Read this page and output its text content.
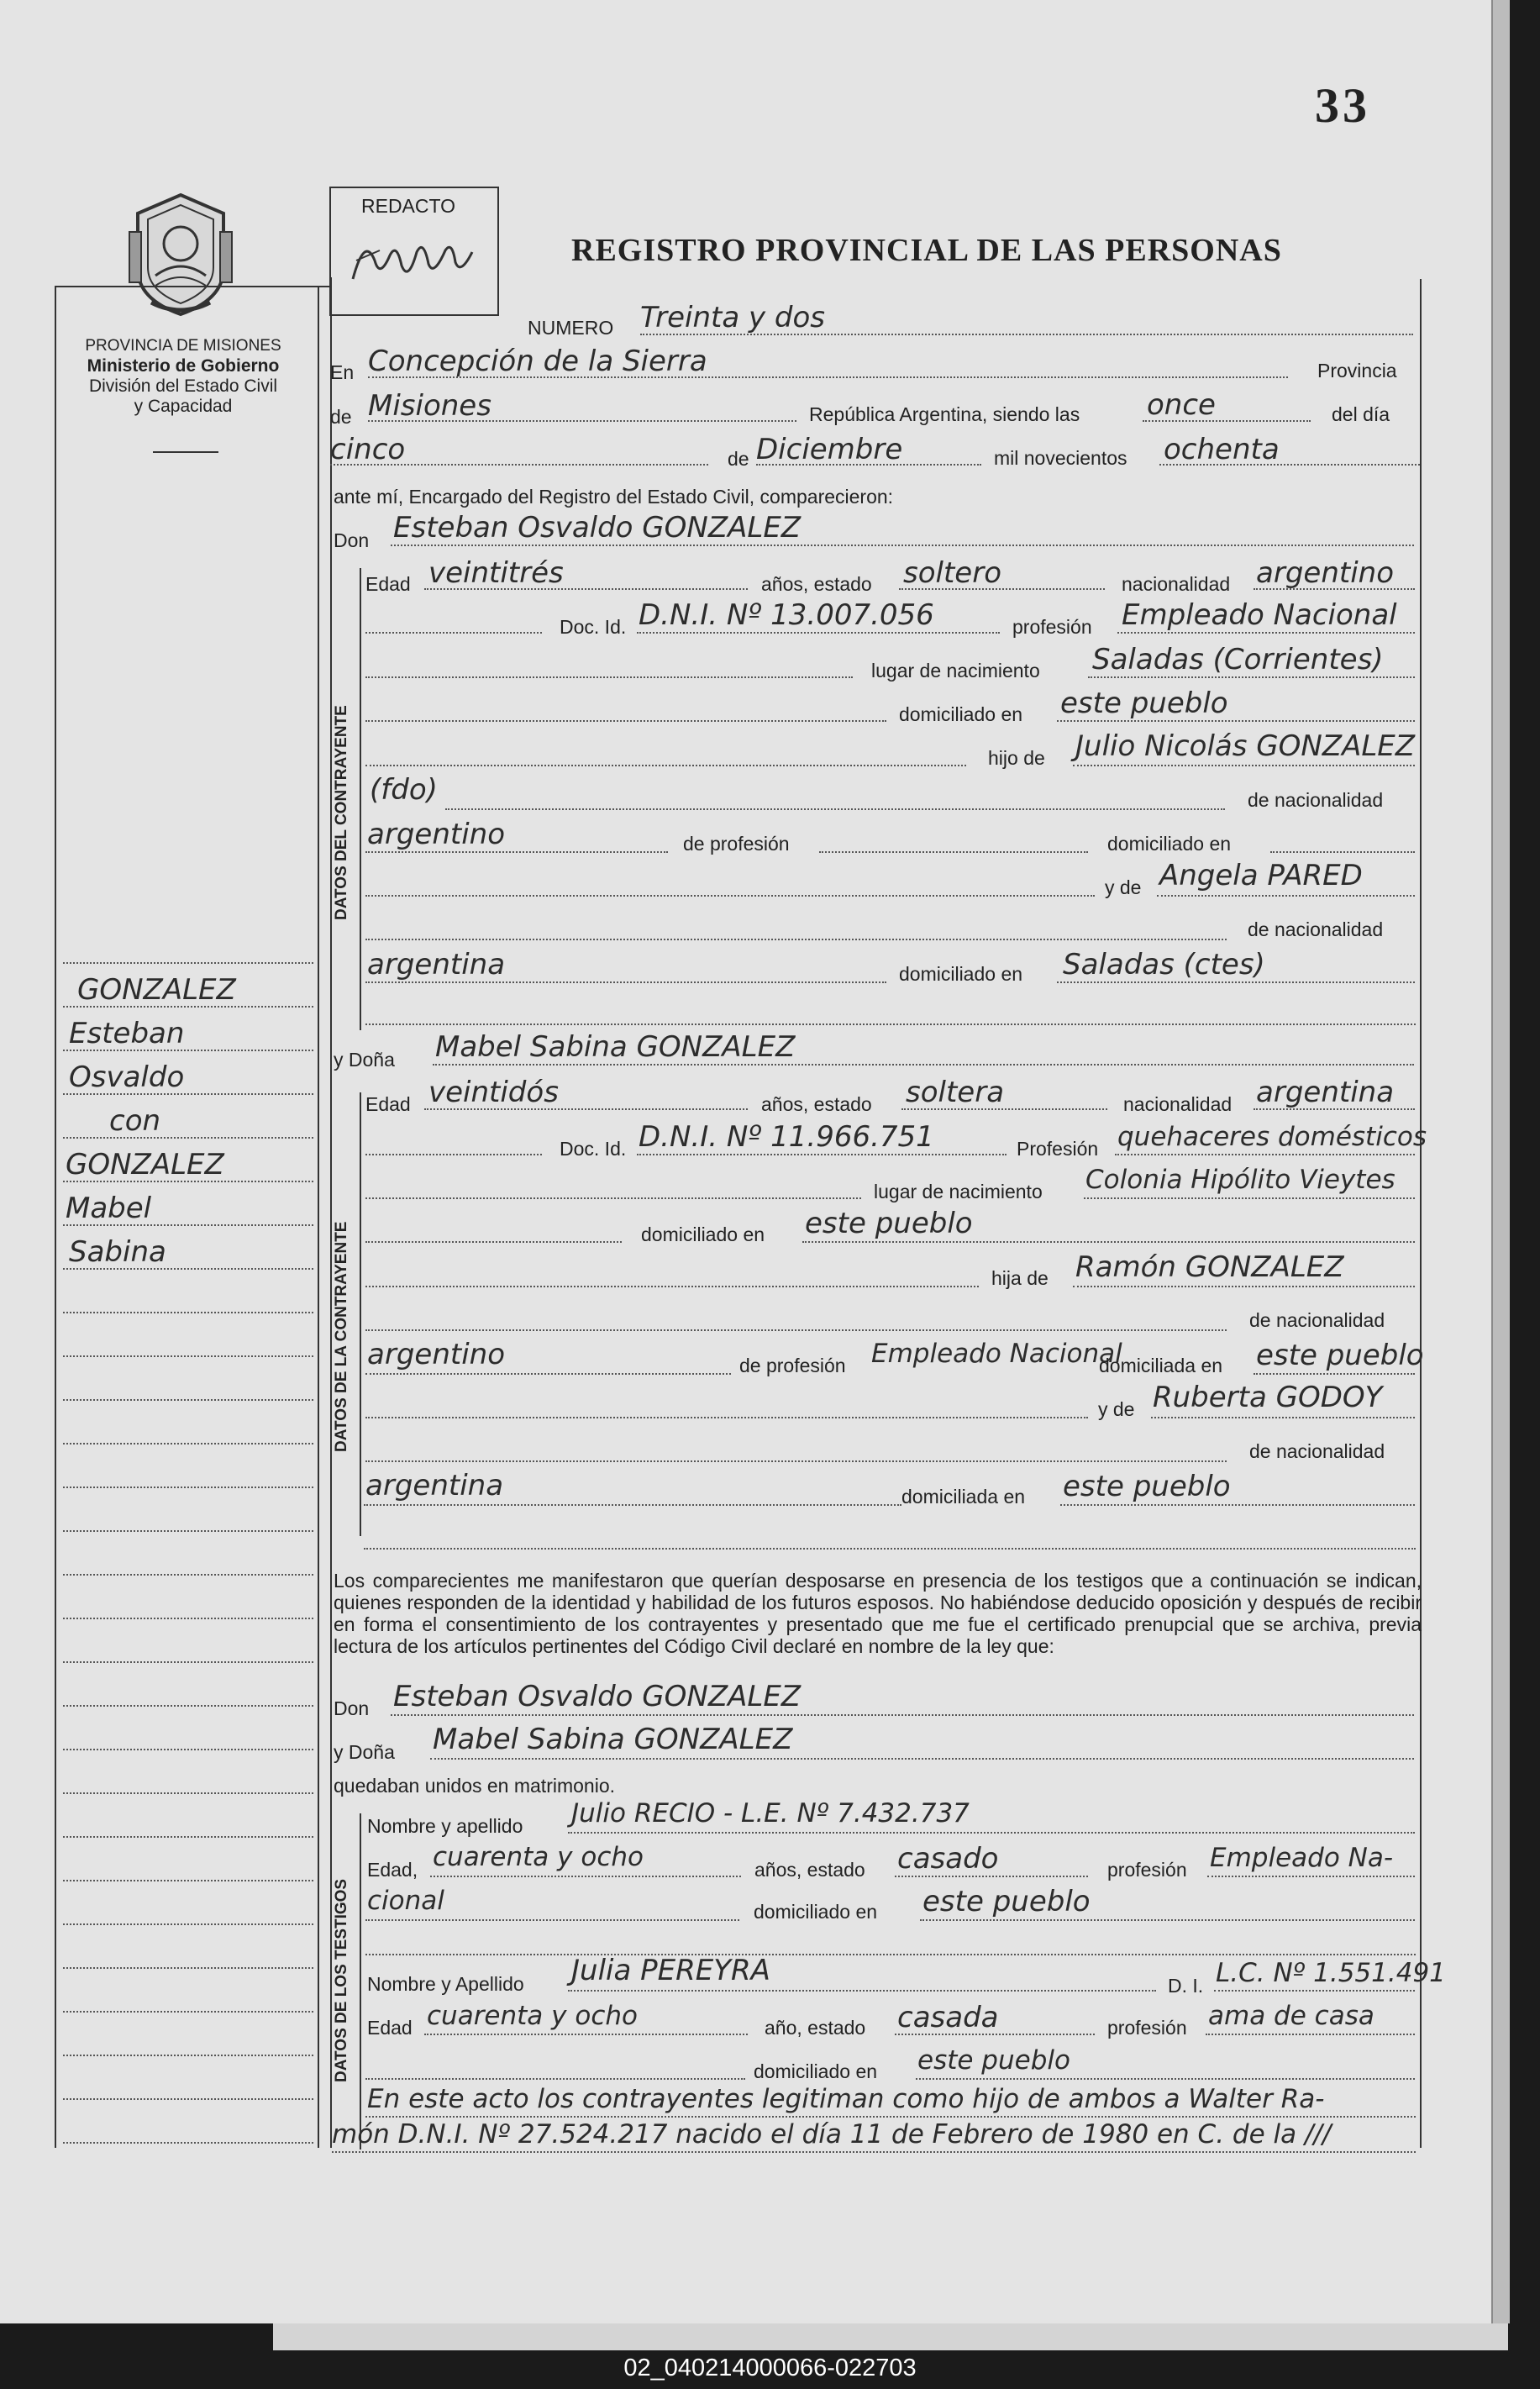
33
PROVINCIA DE MISIONES
Ministerio de Gobierno
División del Estado Civil
y Capacidad
REDACTO
REGISTRO PROVINCIAL DE LAS PERSONAS
DATOS DEL CONTRAYENTE
DATOS DE LA CONTRAYENTE
DATOS DE LOS TESTIGOS
GONZALEZ
Esteban
Osvaldo
con
GONZALEZ
Mabel
Sabina
NUMERO Treinta y dos
En Concepción de la Sierra	Provincia
de Misiones	República Argentina, siendo las once	del día
cinco	de Diciembre	mil novecientos ochenta
ante mí, Encargado del Registro del Estado Civil, comparecieron:
Don Esteban Osvaldo GONZALEZ
Edad veintitrés	años, estado soltero	nacionalidad argentino
Doc. Id. D.N.I. Nº 13.007.056	profesión Empleado Nacional
lugar de nacimiento Saladas (Corrientes)
domiciliado en este pueblo
hijo de Julio Nicolás GONZALEZ
(fdo)	de nacionalidad
argentino	de profesión	domiciliado en
y de Angela PARED
de nacionalidad
argentina	domiciliado en Saladas (ctes)
y Doña Mabel Sabina GONZALEZ
Edad veintidós	años, estado soltera	nacionalidad argentina
Doc. Id. D.N.I. Nº 11.966.751	Profesión quehaceres domésticos
lugar de nacimiento Colonia Hipólito Vieytes
domiciliado en este pueblo
hija de Ramón GONZALEZ
de nacionalidad
argentino	de profesión Empleado Nacional
domiciliada en este pueblo
y de Ruberta GODOY
de nacionalidad
argentina	domiciliada en este pueblo
Los comparecientes me manifestaron que querían desposarse en presencia de los testigos que a continuación se indican, quienes responden de la identidad y habilidad de los futuros esposos. No habiéndose deducido oposición y después de recibir en forma el consentimiento de los contrayentes y presentado que me fue el certificado prenupcial que se archiva, previa lectura de los artículos pertinentes del Código Civil declaré en nombre de la ley que:
Don Esteban Osvaldo GONZALEZ
y Doña Mabel Sabina GONZALEZ
quedaban unidos en matrimonio.
Nombre y apellido Julio RECIO - L.E. Nº 7.432.737
Edad, cuarenta y ocho	años, estado casado	profesión Empleado Na-
cional	domiciliado en este pueblo
Nombre y Apellido Julia PEREYRA	D. I. L.C. Nº 1.551.491
Edad cuarenta y ocho	año, estado casada	profesión ama de casa
domiciliado en este pueblo
En este acto los contrayentes legitiman como hijo de ambos a Walter Ra-
món D.N.I. Nº 27.524.217 nacido el día 11 de Febrero de 1980 en C. de la ///
02_040214000066-022703
